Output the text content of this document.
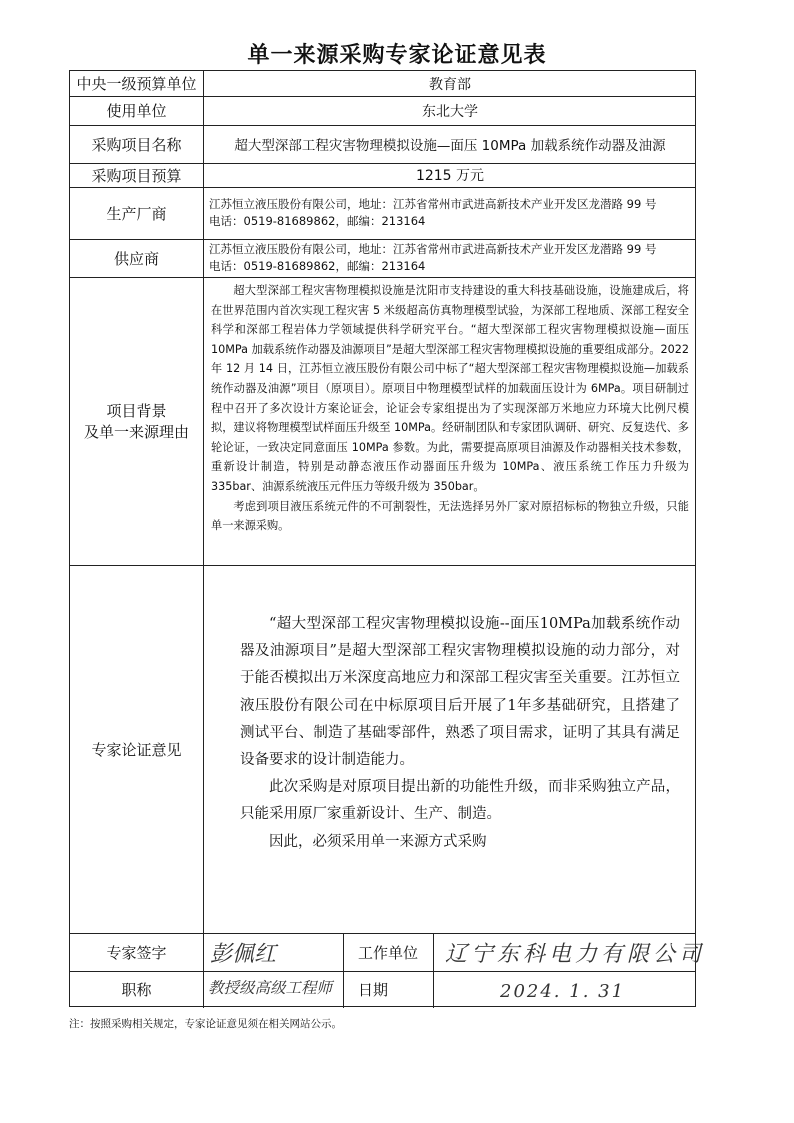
单一来源采购专家论证意见表
中央一级预算单位	教育部
使用单位	东北大学
采购项目名称	超大型深部工程灾害物理模拟设施—面压 10MPa 加载系统作动器及油源
采购项目预算	1215 万元
生产厂商
江苏恒立液压股份有限公司，地址：江苏省常州市武进高新技术产业开发区龙潜路 99 号
电话：0519-81689862，邮编：213164
供应商
江苏恒立液压股份有限公司，地址：江苏省常州市武进高新技术产业开发区龙潜路 99 号
电话：0519-81689862，邮编：213164
项目背景
及单一来源理由

超大型深部工程灾害物理模拟设施是沈阳市支持建设的重大科技基础设施，设施建成后，将在世界范围内首次实现工程灾害 5 米级超高仿真物理模型试验，为深部工程地质、深部工程安全科学和深部工程岩体力学领域提供科学研究平台。“超大型深部工程灾害物理模拟设施—面压 10MPa 加载系统作动器及油源项目”是超大型深部工程灾害物理模拟设施的重要组成部分。2022 年 12 月 14 日，江苏恒立液压股份有限公司中标了“超大型深部工程灾害物理模拟设施—加载系统作动器及油源”项目（原项目）。原项目中物理模型试样的加载面压设计为 6MPa。项目研制过程中召开了多次设计方案论证会，论证会专家组提出为了实现深部万米地应力环境大比例尺模拟，建议将物理模型试样面压升级至 10MPa。经研制团队和专家团队调研、研究、反复迭代、多轮论证，一致决定同意面压 10MPa 参数。为此，需要提高原项目油源及作动器相关技术参数，重新设计制造，特别是动静态液压作动器面压升级为 10MPa、液压系统工作压力升级为 335bar、油源系统液压元件压力等级升级为 350bar。

考虑到项目液压系统元件的不可割裂性，无法选择另外厂家对原招标标的物独立升级，只能单一来源采购。

专家论证意见

“超大型深部工程灾害物理模拟设施--面压10MPa加载系统作动器及油源项目”是超大型深部工程灾害物理模拟设施的动力部分，对于能否模拟出万米深度高地应力和深部工程灾害至关重要。江苏恒立液压股份有限公司在中标原项目后开展了1年多基础研究，且搭建了测试平台、制造了基础零部件，熟悉了项目需求，证明了其具有满足设备要求的设计制造能力。

此次采购是对原项目提出新的功能性升级，而非采购独立产品，只能采用原厂家重新设计、生产、制造。

因此，必须采用单一来源方式采购

专家签字	彭佩红	工作单位	辽宁东科电力有限公司
职称	教授级高级工程师	日期	2024. 1. 31
注：按照采购相关规定，专家论证意见须在相关网站公示。
